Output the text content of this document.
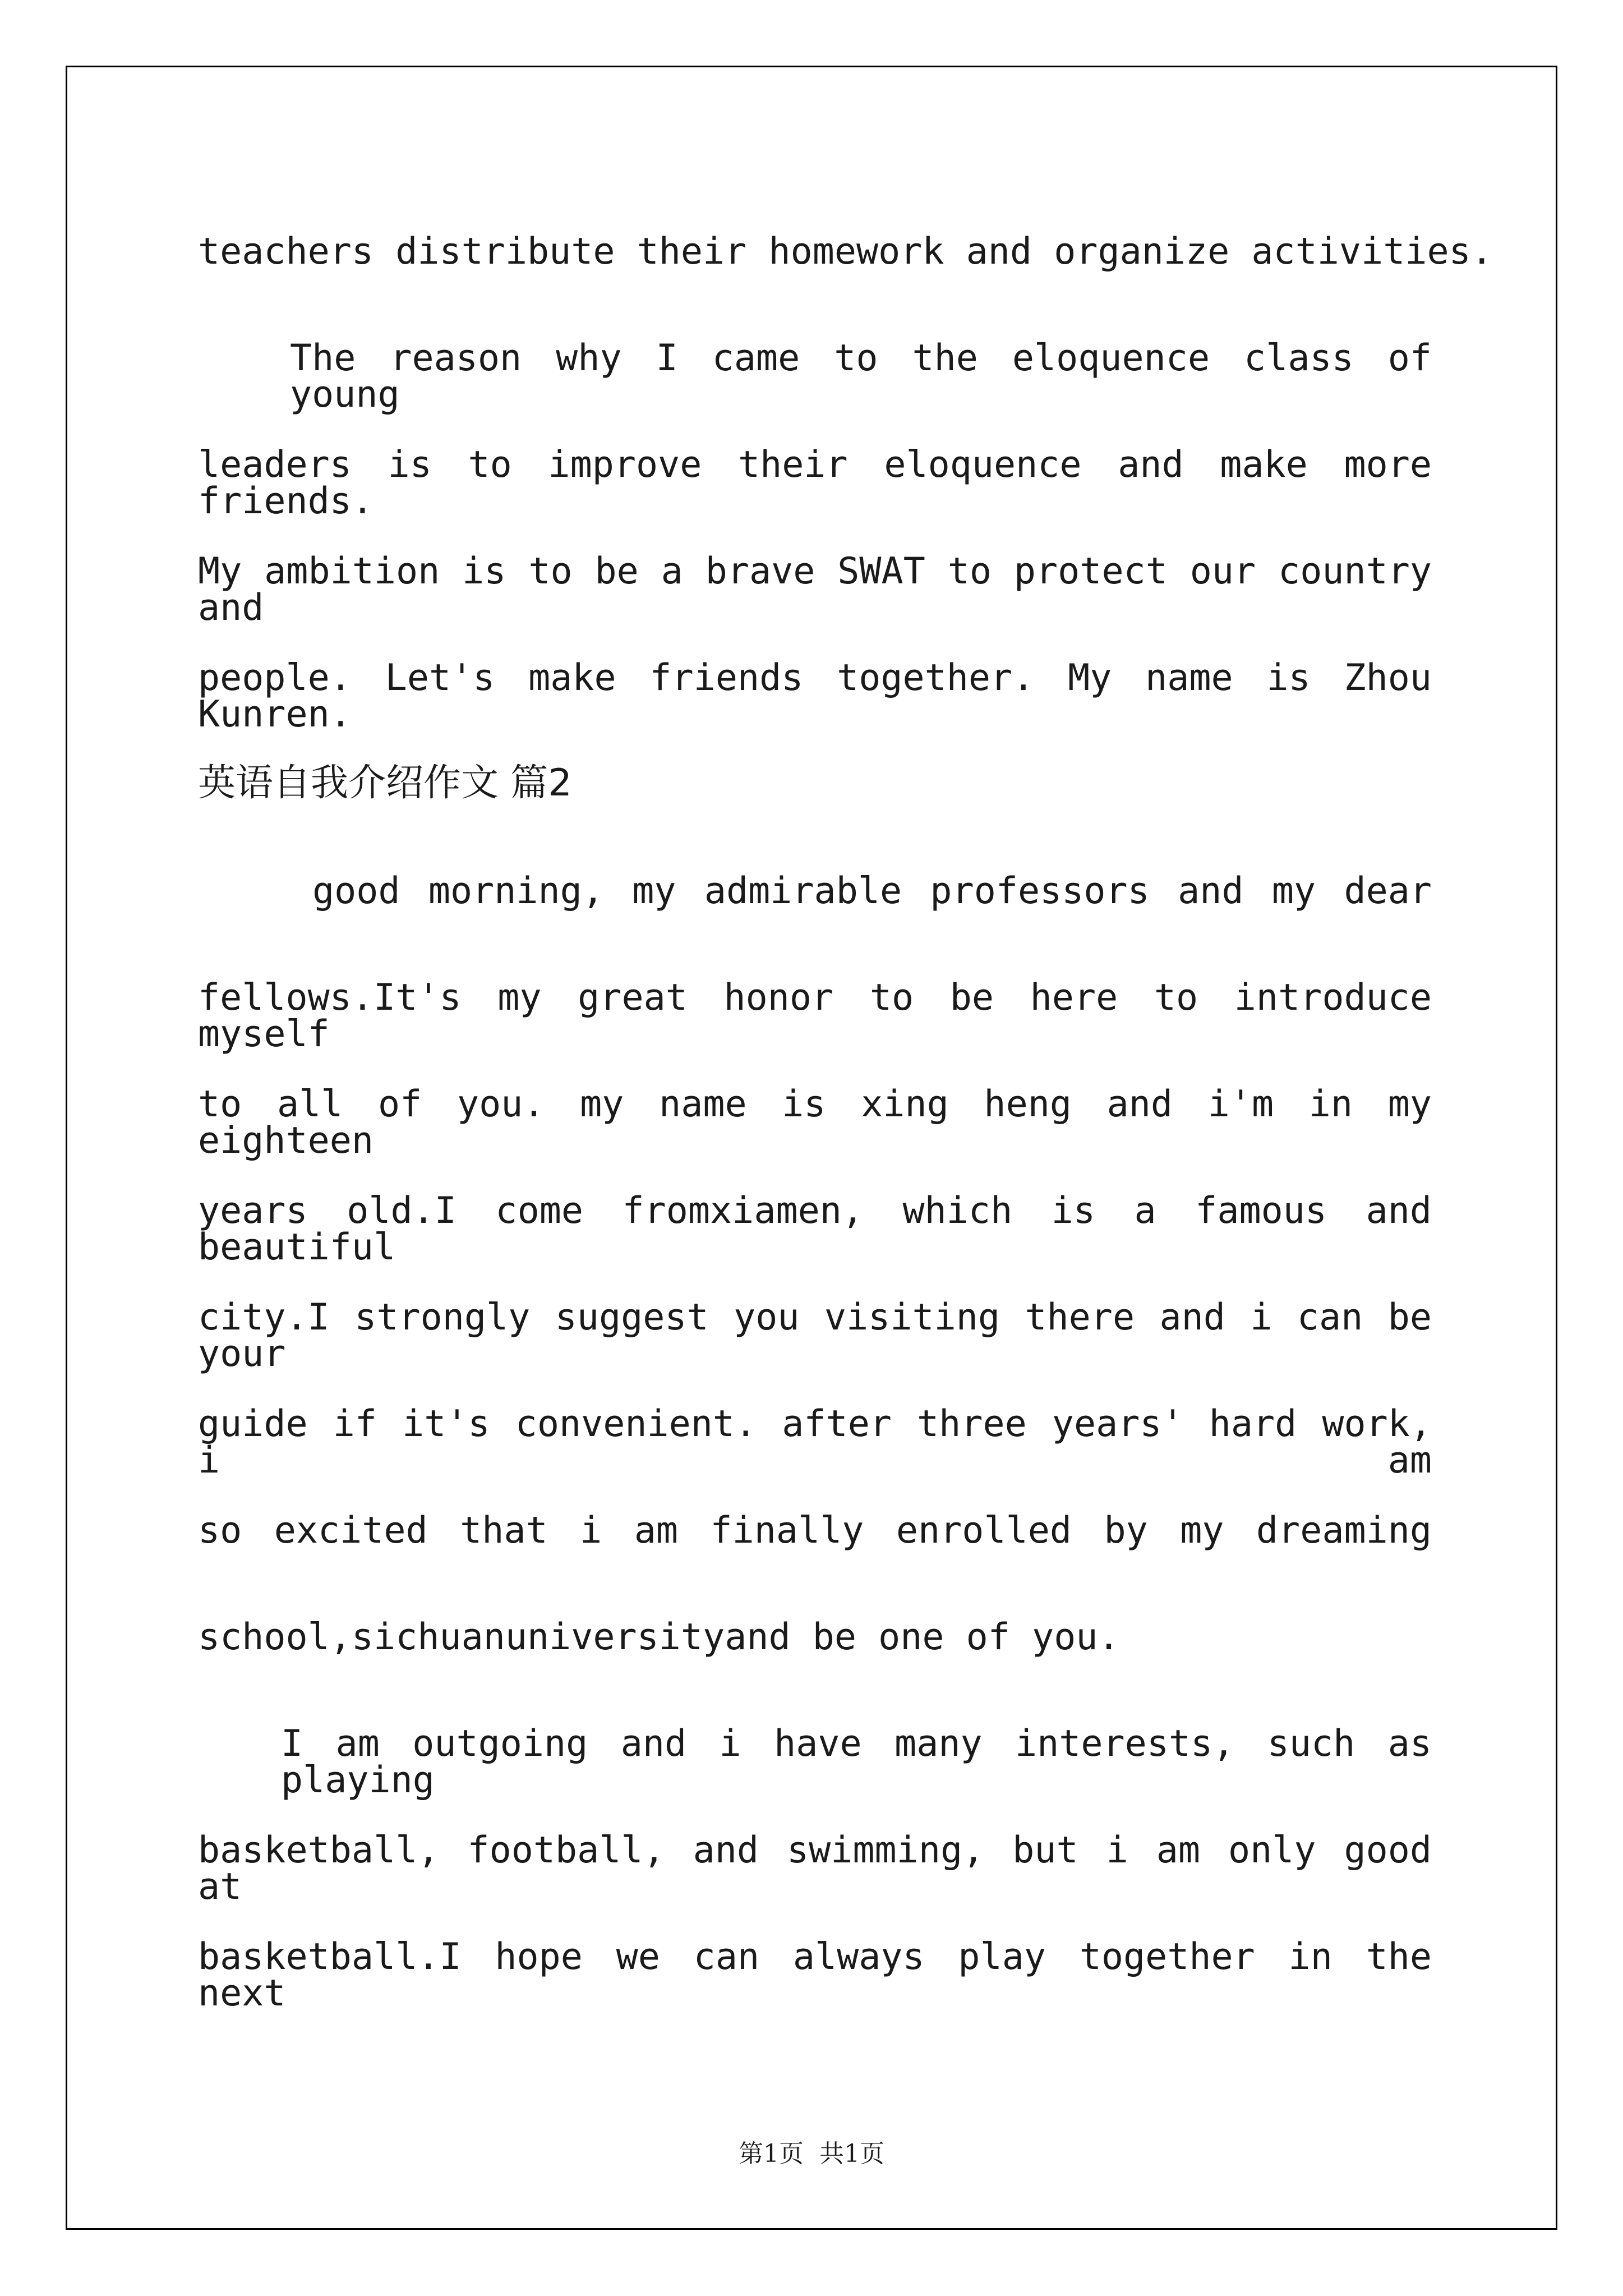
teachers distribute their homework and organize activities.
The reason why I came to the eloquence class of young
leaders is to improve their eloquence and make more friends.
My ambition is to be a brave SWAT to protect our country and
people. Let's make friends together. My name is Zhou Kunren.
英语自我介绍作文 篇2
good morning, my admirable professors and my dear
fellows.It's my great honor to be here to introduce myself
to all of you. my name is xing heng and i'm in my eighteen
years old.I come fromxiamen, which is a famous and beautiful
city.I strongly suggest you visiting there and i can be your
guide if it's convenient. after three years' hard work, i am
so excited that i am finally enrolled by my dreaming
school,sichuanuniversityand be one of you.
I am outgoing and i have many interests, such as playing
basketball, football, and swimming, but i am only good at
basketball.I hope we can always play together in the next
第1页  共1页
